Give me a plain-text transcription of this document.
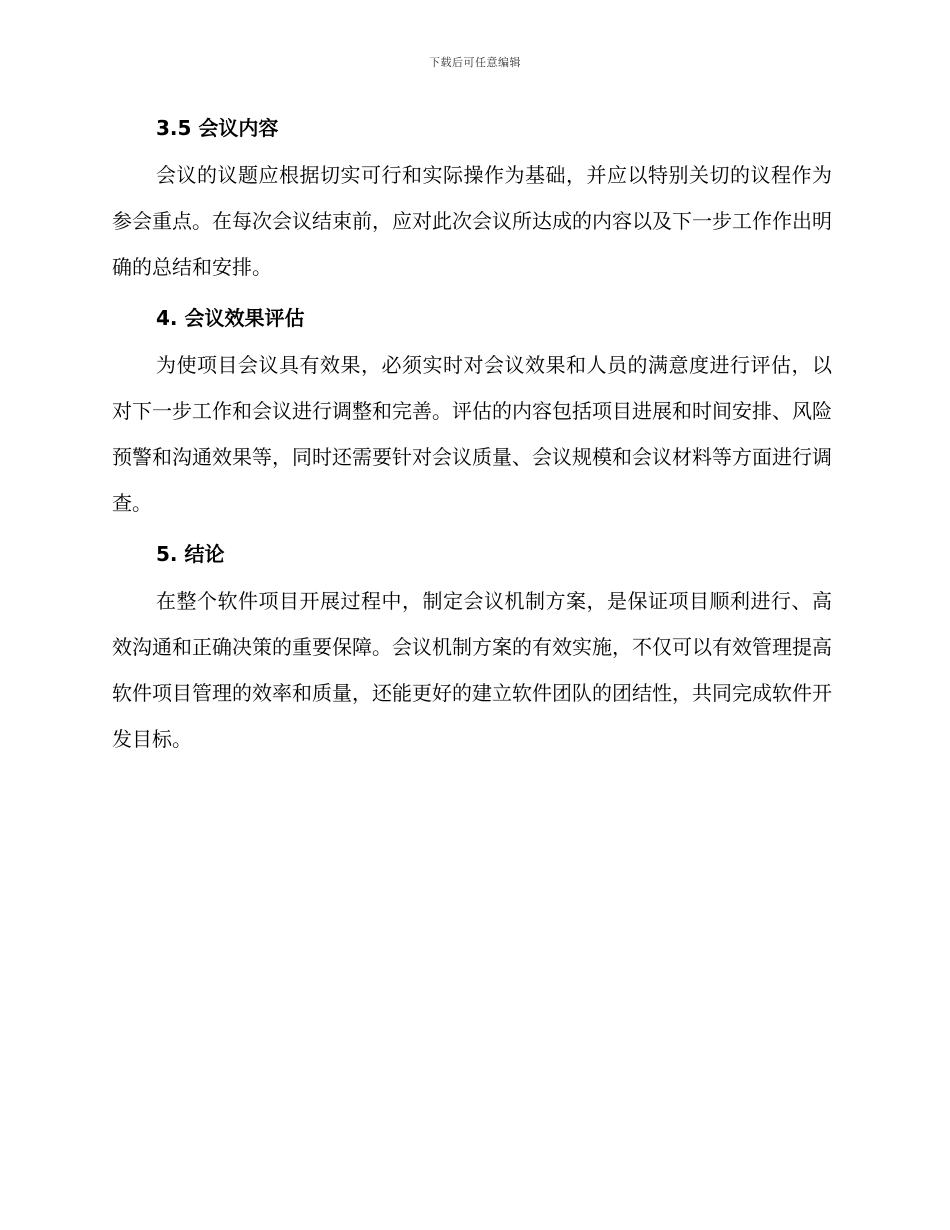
下载后可任意编辑
3.5 会议内容

会议的议题应根据切实可行和实际操作为基础，并应以特别关切的议程作为参会重点。在每次会议结束前，应对此次会议所达成的内容以及下一步工作作出明确的总结和安排。

4. 会议效果评估

为使项目会议具有效果，必须实时对会议效果和人员的满意度进行评估，以对下一步工作和会议进行调整和完善。评估的内容包括项目进展和时间安排、风险预警和沟通效果等，同时还需要针对会议质量、会议规模和会议材料等方面进行调查。

5. 结论

在整个软件项目开展过程中，制定会议机制方案，是保证项目顺利进行、高效沟通和正确决策的重要保障。会议机制方案的有效实施，不仅可以有效管理提高软件项目管理的效率和质量，还能更好的建立软件团队的团结性，共同完成软件开发目标。
